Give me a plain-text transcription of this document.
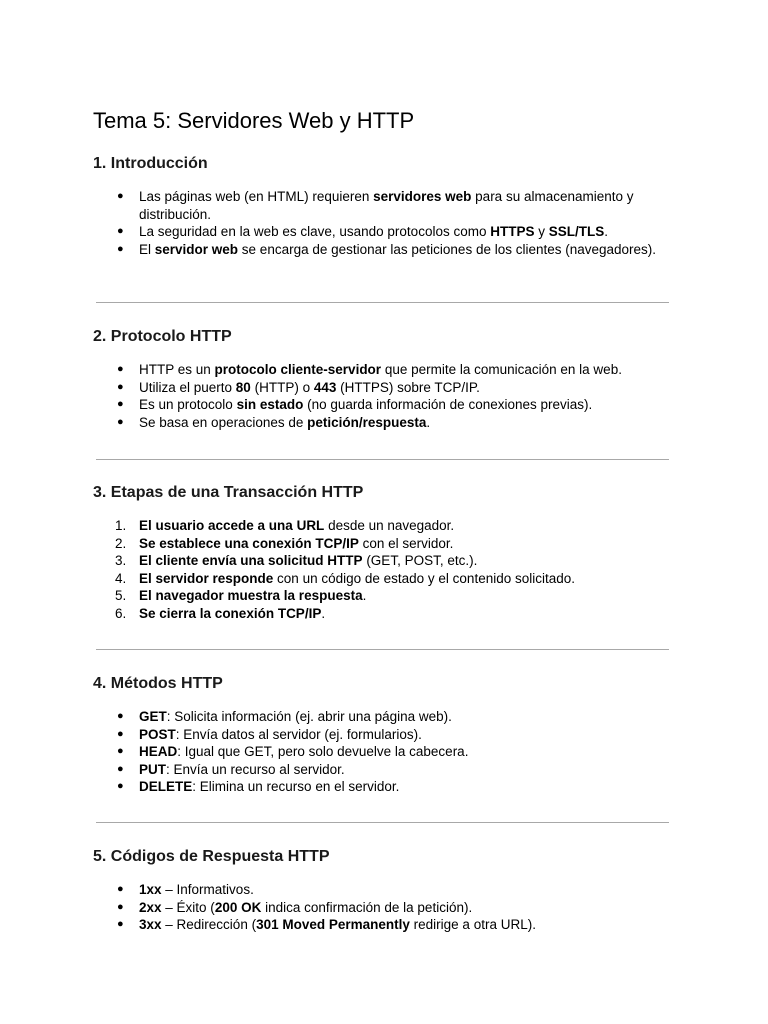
Tema 5: Servidores Web y HTTP
1. Introducción
● Las páginas web (en HTML) requieren servidores web para su almacenamiento y distribución.
● La seguridad en la web es clave, usando protocolos como HTTPS y SSL/TLS.
● El servidor web se encarga de gestionar las peticiones de los clientes (navegadores).
2. Protocolo HTTP
● HTTP es un protocolo cliente-servidor que permite la comunicación en la web.
● Utiliza el puerto 80 (HTTP) o 443 (HTTPS) sobre TCP/IP.
● Es un protocolo sin estado (no guarda información de conexiones previas).
● Se basa en operaciones de petición/respuesta.
3. Etapas de una Transacción HTTP
1. El usuario accede a una URL desde un navegador.
2. Se establece una conexión TCP/IP con el servidor.
3. El cliente envía una solicitud HTTP (GET, POST, etc.).
4. El servidor responde con un código de estado y el contenido solicitado.
5. El navegador muestra la respuesta.
6. Se cierra la conexión TCP/IP.
4. Métodos HTTP
● GET: Solicita información (ej. abrir una página web).
● POST: Envía datos al servidor (ej. formularios).
● HEAD: Igual que GET, pero solo devuelve la cabecera.
● PUT: Envía un recurso al servidor.
● DELETE: Elimina un recurso en el servidor.
5. Códigos de Respuesta HTTP
● 1xx – Informativos.
● 2xx – Éxito (200 OK indica confirmación de la petición).
● 3xx – Redirección (301 Moved Permanently redirige a otra URL).
